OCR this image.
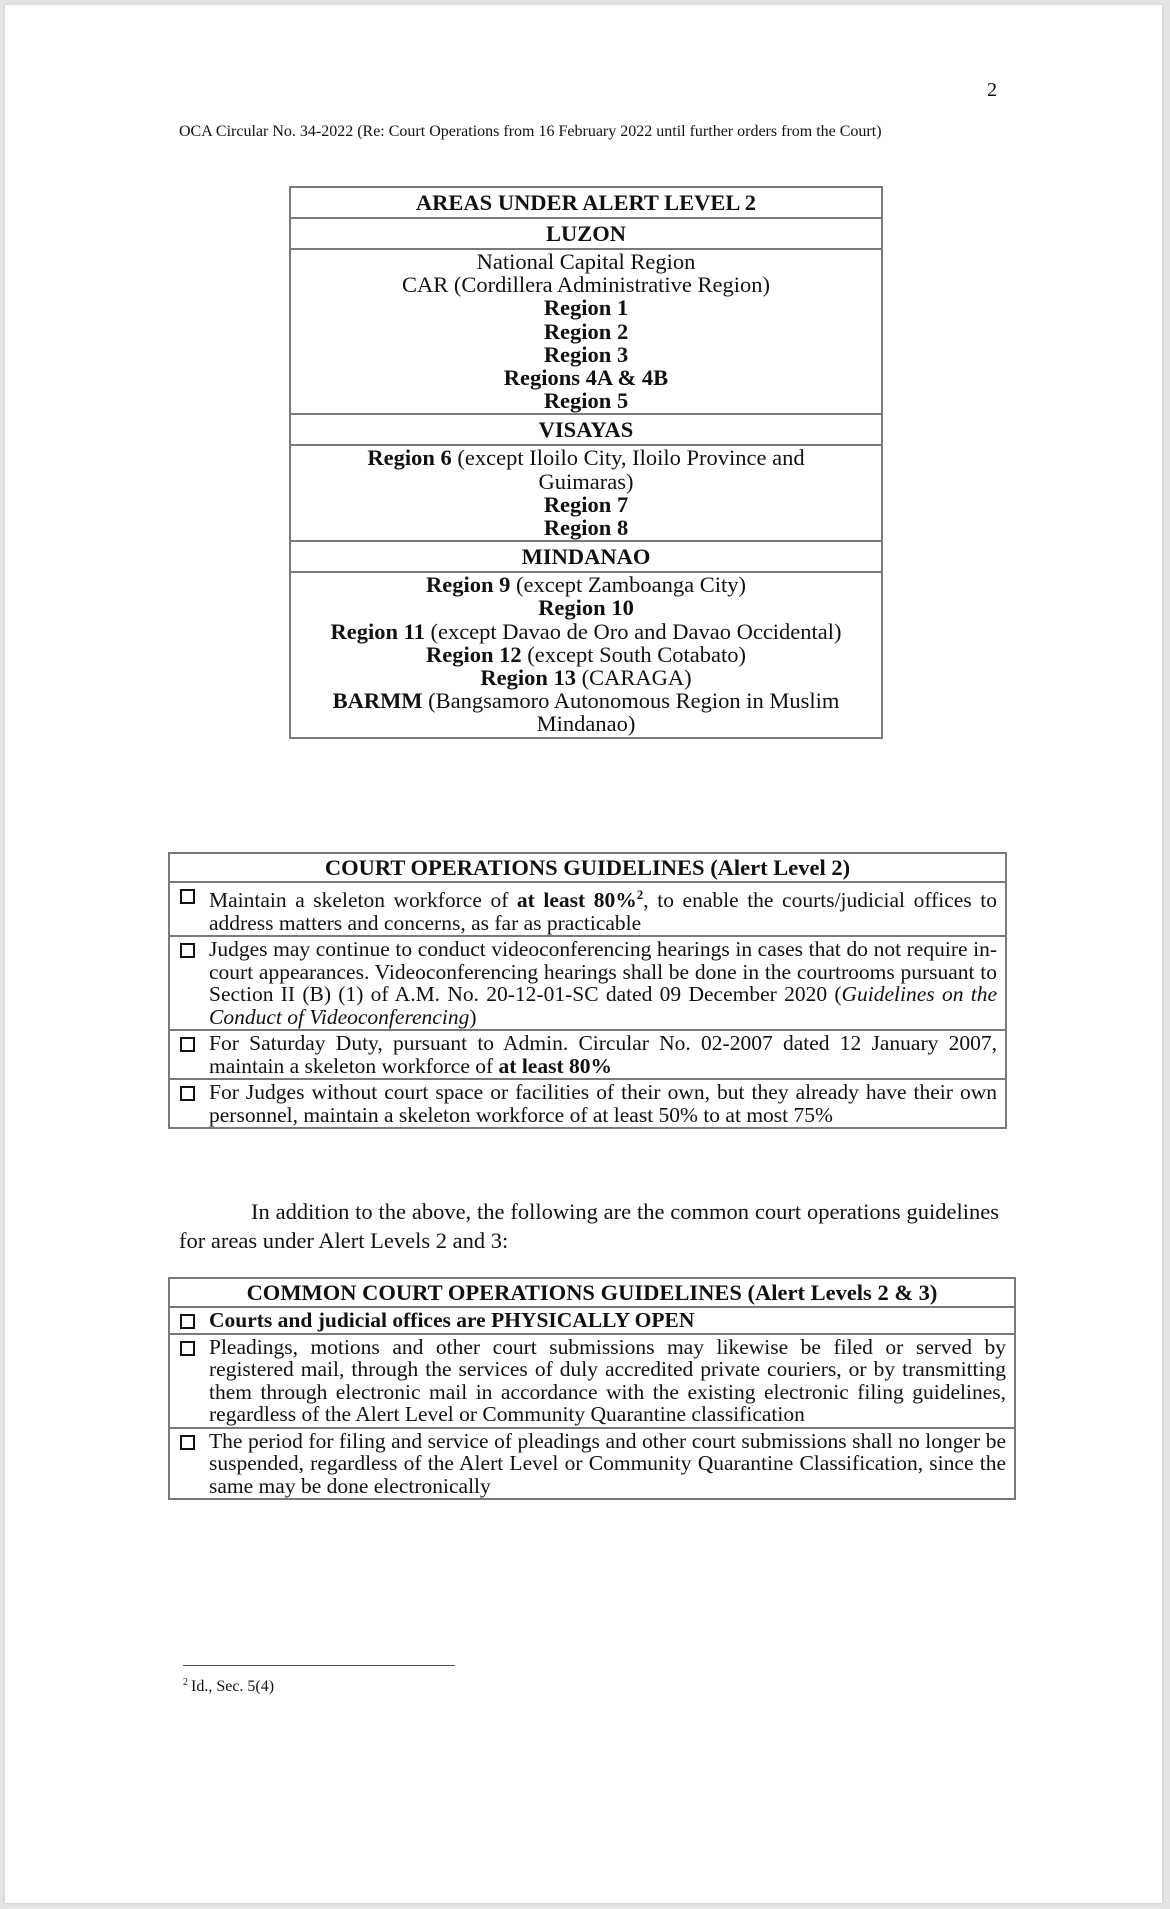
2
OCA Circular No. 34-2022 (Re: Court Operations from 16 February 2022 until further orders from the Court)
AREAS UNDER ALERT LEVEL 2
LUZON

National Capital Region
CAR (Cordillera Administrative Region)
Region 1
Region 2
Region 3
Regions 4A & 4B
Region 5

VISAYAS

Region 6 (except Iloilo City, Iloilo Province and Guimaras)
Region 7
Region 8

MINDANAO

Region 9 (except Zamboanga City)
Region 10
Region 11 (except Davao de Oro and Davao Occidental)
Region 12 (except South Cotabato)
Region 13 (CARAGA)
BARMM (Bangsamoro Autonomous Region in Muslim Mindanao)
COURT OPERATIONS GUIDELINES (Alert Level 2)

Maintain a skeleton workforce of at least 80%$^2$, to enable the courts/judicial offices to address matters and concerns, as far as practicable

Judges may continue to conduct videoconferencing hearings in cases that do not require in-court appearances. Videoconferencing hearings shall be done in the courtrooms pursuant to Section II (B) (1) of A.M. No. 20-12-01-SC dated 09 December 2020 (Guidelines on the Conduct of Videoconferencing)

For Saturday Duty, pursuant to Admin. Circular No. 02-2007 dated 12 January 2007, maintain a skeleton workforce of at least 80%

For Judges without court space or facilities of their own, but they already have their own personnel, maintain a skeleton workforce of at least 50% to at most 75%
In addition to the above, the following are the common court operations guidelines for areas under Alert Levels 2 and 3:
COMMON COURT OPERATIONS GUIDELINES (Alert Levels 2 & 3)

Courts and judicial offices are PHYSICALLY OPEN

Pleadings, motions and other court submissions may likewise be filed or served by registered mail, through the services of duly accredited private couriers, or by transmitting them through electronic mail in accordance with the existing electronic filing guidelines, regardless of the Alert Level or Community Quarantine classification

The period for filing and service of pleadings and other court submissions shall no longer be suspended, regardless of the Alert Level or Community Quarantine Classification, since the same may be done electronically
$^2$ Id., Sec. 5(4)
